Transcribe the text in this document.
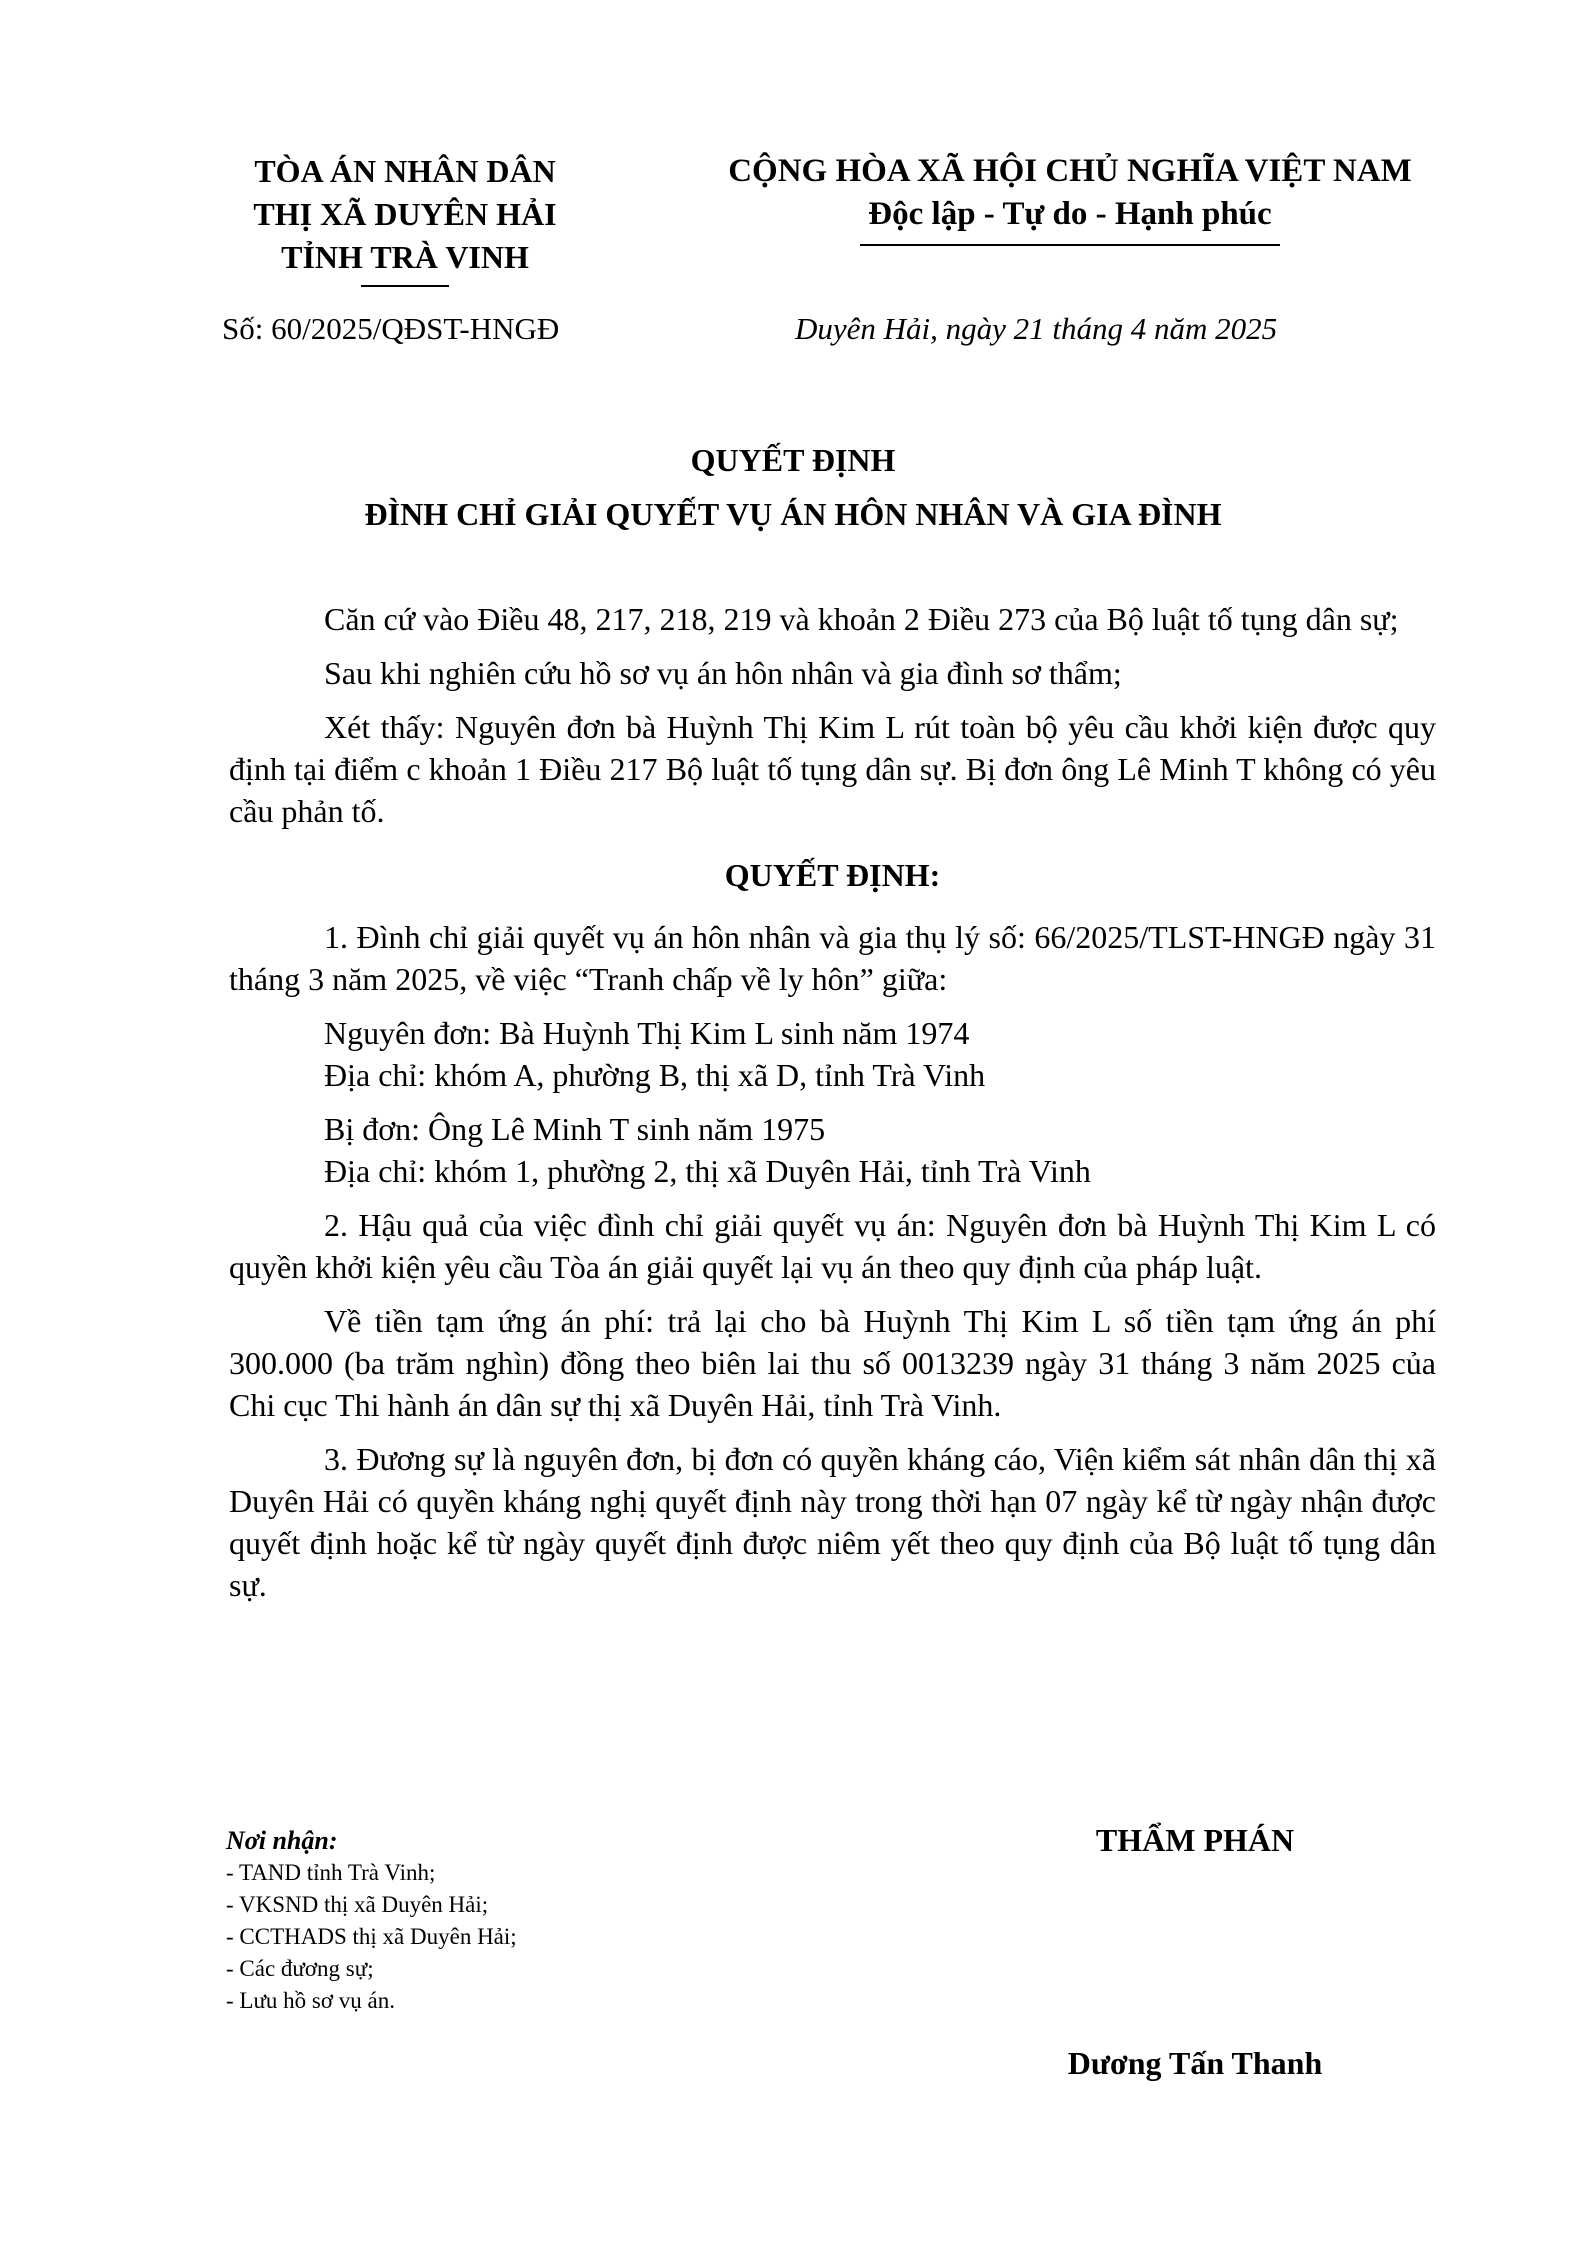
TÒA ÁN NHÂN DÂN
THỊ XÃ DUYÊN HẢI
TỈNH TRÀ VINH
CỘNG HÒA XÃ HỘI CHỦ NGHĨA VIỆT NAM
Độc lập - Tự do - Hạnh phúc
Số: 60/2025/QĐST-HNGĐ	Duyên Hải, ngày 21 tháng 4 năm 2025
QUYẾT ĐỊNH
ĐÌNH CHỈ GIẢI QUYẾT VỤ ÁN HÔN NHÂN VÀ GIA ĐÌNH

Căn cứ vào Điều 48, 217, 218, 219 và khoản 2 Điều 273 của Bộ luật tố tụng dân sự;

Sau khi nghiên cứu hồ sơ vụ án hôn nhân và gia đình sơ thẩm;

Xét thấy: Nguyên đơn bà Huỳnh Thị Kim L rút toàn bộ yêu cầu khởi kiện được quy định tại điểm c khoản 1 Điều 217 Bộ luật tố tụng dân sự. Bị đơn ông Lê Minh T không có yêu cầu phản tố.

QUYẾT ĐỊNH:

1. Đình chỉ giải quyết vụ án hôn nhân và gia thụ lý số: 66/2025/TLST-HNGĐ ngày 31 tháng 3 năm 2025, về việc “Tranh chấp về ly hôn” giữa:

Nguyên đơn: Bà Huỳnh Thị Kim L sinh năm 1974

Địa chỉ: khóm A, phường B, thị xã D, tỉnh Trà Vinh

Bị đơn: Ông Lê Minh T sinh năm 1975

Địa chỉ: khóm 1, phường 2, thị xã Duyên Hải, tỉnh Trà Vinh

2. Hậu quả của việc đình chỉ giải quyết vụ án: Nguyên đơn bà Huỳnh Thị Kim L có quyền khởi kiện yêu cầu Tòa án giải quyết lại vụ án theo quy định của pháp luật.

Về tiền tạm ứng án phí: trả lại cho bà Huỳnh Thị Kim L số tiền tạm ứng án phí 300.000 (ba trăm nghìn) đồng theo biên lai thu số 0013239 ngày 31 tháng 3 năm 2025 của Chi cục Thi hành án dân sự thị xã Duyên Hải, tỉnh Trà Vinh.

3. Đương sự là nguyên đơn, bị đơn có quyền kháng cáo, Viện kiểm sát nhân dân thị xã Duyên Hải có quyền kháng nghị quyết định này trong thời hạn 07 ngày kể từ ngày nhận được quyết định hoặc kể từ ngày quyết định được niêm yết theo quy định của Bộ luật tố tụng dân sự.

Nơi nhận:
- TAND tỉnh Trà Vinh;
- VKSND thị xã Duyên Hải;
- CCTHADS thị xã Duyên Hải;
- Các đương sự;
- Lưu hồ sơ vụ án.
THẨM PHÁN
Dương Tấn Thanh
